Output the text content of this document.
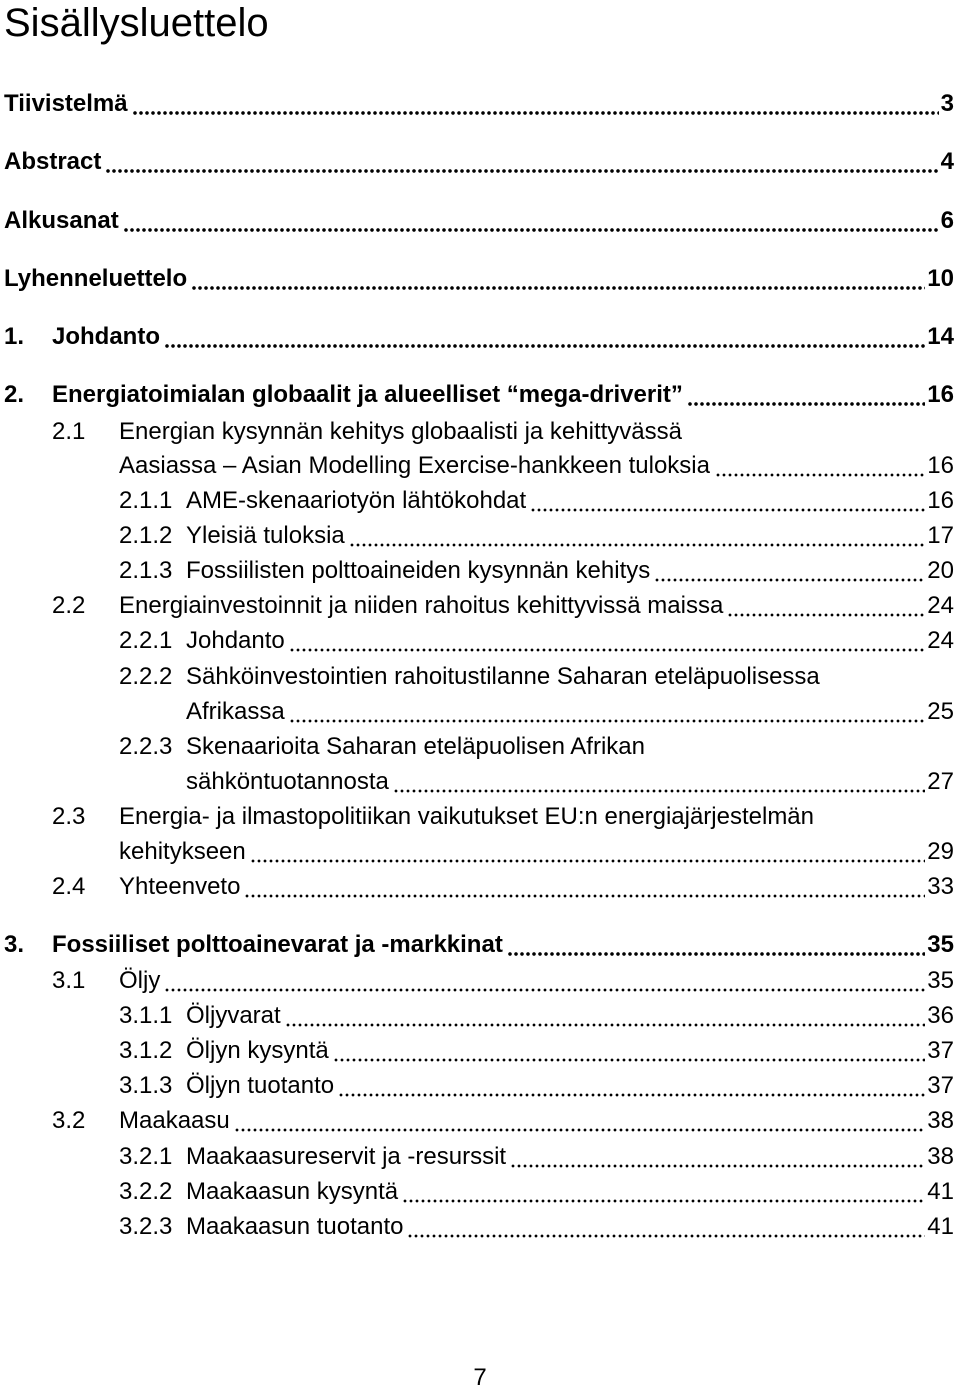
Sisällysluettelo
Tiivistelmä	3
Abstract	4
Alkusanat	6
Lyhenneluettelo	10
1. Johdanto	14
2. Energiatoimialan globaalit ja alueelliset “mega-driverit”	16
2.1 Energian kysynnän kehitys globaalisti ja kehittyvässä
Aasiassa ‒ Asian Modelling Exercise-hankkeen tuloksia	16
2.1.1 AME-skenaariotyön lähtökohdat	16
2.1.2 Yleisiä tuloksia	17
2.1.3 Fossiilisten polttoaineiden kysynnän kehitys	20
2.2 Energiainvestoinnit ja niiden rahoitus kehittyvissä maissa	24
2.2.1 Johdanto	24
2.2.2 Sähköinvestointien rahoitustilanne Saharan eteläpuolisessa
Afrikassa	25
2.2.3 Skenaarioita Saharan eteläpuolisen Afrikan
sähköntuotannosta	27
2.3 Energia- ja ilmastopolitiikan vaikutukset EU:n energiajärjestelmän
kehitykseen	29
2.4 Yhteenveto	33
3. Fossiiliset polttoainevarat ja -markkinat	35
3.1 Öljy	35
3.1.1 Öljyvarat	36
3.1.2 Öljyn kysyntä	37
3.1.3 Öljyn tuotanto	37
3.2 Maakaasu	38
3.2.1 Maakaasureservit ja -resurssit	38
3.2.2 Maakaasun kysyntä	41
3.2.3 Maakaasun tuotanto	41
7
